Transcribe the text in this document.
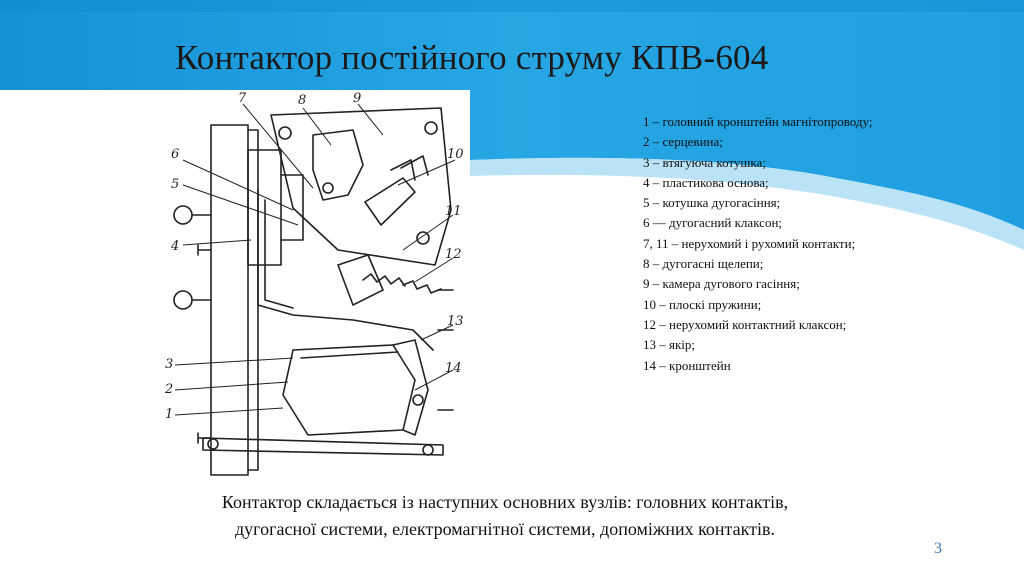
Контактор постійного струму КПВ-604
7	8	9
6
5
4
10
11
12
13
14
3
2
1
1 – головний кронштейн магнітопроводу;
2 – серцевина;
3 – втягуюча котушка;
4 – пластикова основа;
5 – котушка дугогасіння;
6 — дугогасний клаксон;
7, 11 – нерухомий і рухомий контакти;
8 – дугогасні щелепи;
9 – камера дугового гасіння;
10 – плоскі пружини;
12 – нерухомий контактний клаксон;
13 – якір;
14 – кронштейн
Контактор складається із наступних основних вузлів: головних контактів,
дугогасної системи, електромагнітної системи, допоміжних контактів.
3
